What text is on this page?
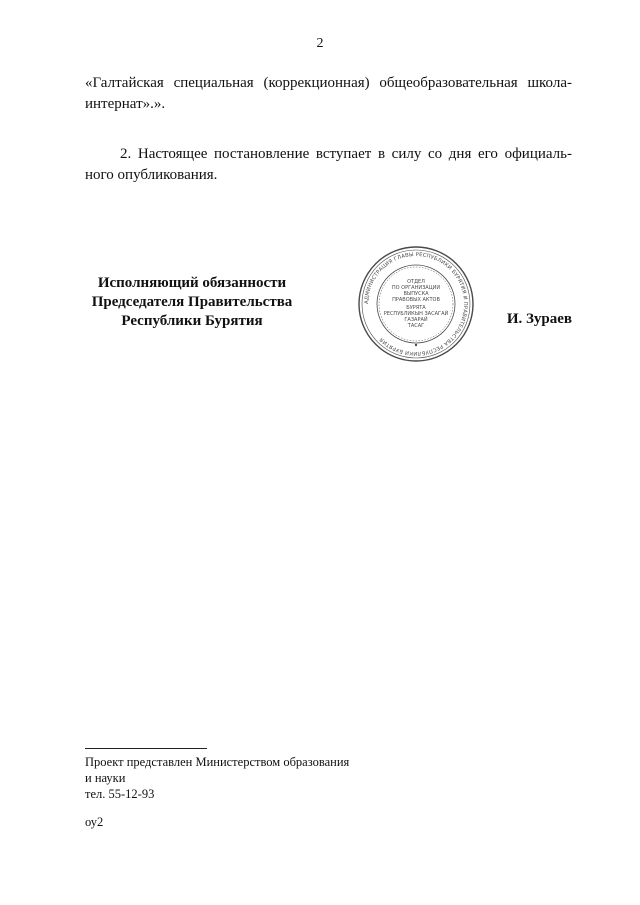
2
«Галтайская специальная (коррекционная) общеобразовательная школа-
интернат».».
2. Настоящее постановление вступает в силу со дня его официаль-
ного опубликования.
Исполняющий обязанности
Председателя Правительства
Республики Бурятия
АДМИНИСТРАЦИЯ ГЛАВЫ РЕСПУБЛИКИ БУРЯТИЯ И ПРАВИТЕЛЬСТВА РЕСПУБЛИКИ БУРЯТИЯ
ОТДЕЛ
ПО ОРГАНИЗАЦИИ
ВЫПУСКА
ПРАВОВЫХ АКТОВ
БУРЯТА
РЕСПУБЛИКЫН ЗАСАГАЙ
ГАЗАРАЙ
ТАСАГ	И. Зураев
Проект представлен Министерством образования
и науки
тел. 55-12-93
оу2
